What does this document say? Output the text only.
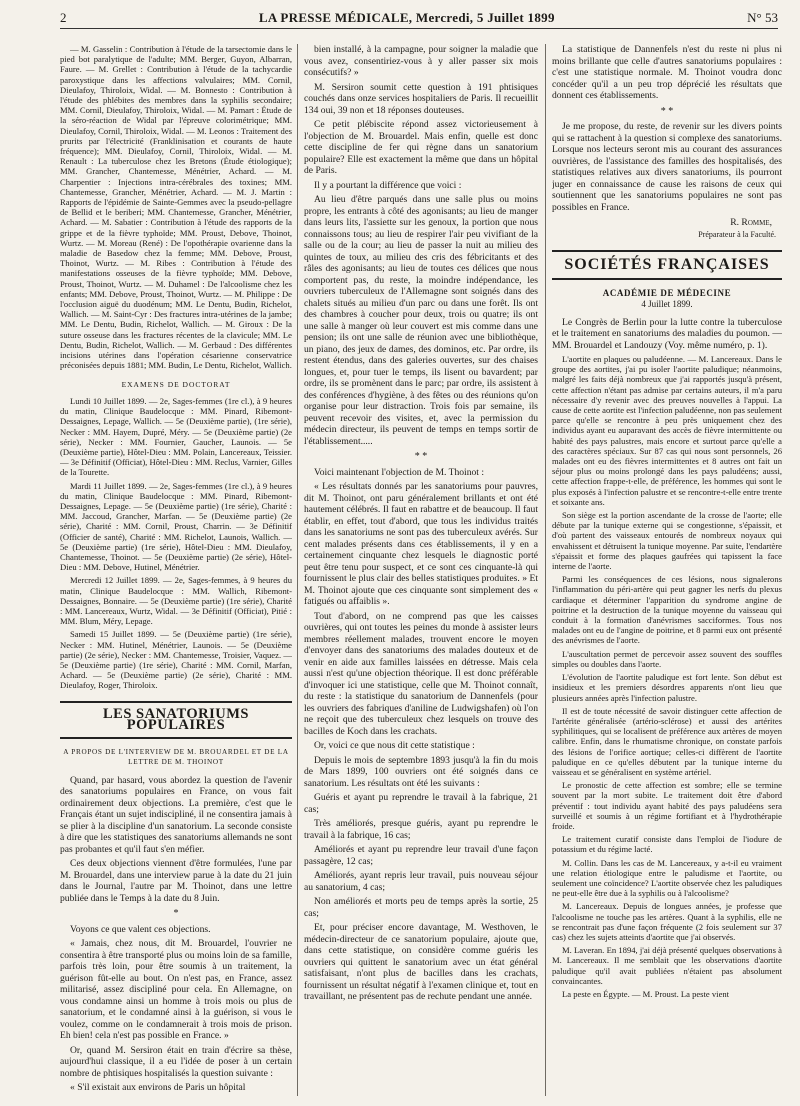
2	LA PRESSE MÉDICALE, Mercredi, 5 Juillet 1899	N° 53

— M. Gasselin : Contribution à l'étude de la tarsectomie dans le pied bot paralytique de l'adulte; MM. Berger, Guyon, Albarran, Faure. — M. Grellet : Contribution à l'étude de la tachycardie paroxystique dans les affections valvulaires; MM. Cornil, Dieulafoy, Thiroloix, Widal. — M. Bonnesto : Contribution à l'étude des phlébites des membres dans la syphilis secondaire; MM. Cornil, Dieulafoy, Thiroloix, Widal. — M. Pamart : Étude de la séro-réaction de Widal par l'épreuve colorimétrique; MM. Dieulafoy, Cornil, Thiroloix, Widal. — M. Leonos : Traitement des prurits par l'électricité (Franklinisation et courants de haute fréquence); MM. Dieulafoy, Cornil, Thiroloix, Widal. — M. Renault : La tuberculose chez les Bretons (Étude étiologique); MM. Grancher, Chantemesse, Ménétrier, Achard. — M. Charpentier : Injections intra-cérébrales des toxines; MM. Chantemesse, Grancher, Ménétrier, Achard. — M. J. Martin : Rapports de l'épidémie de Sainte-Gemmes avec la pseudo-pellagre de Bellid et le beriberi; MM. Chantemesse, Grancher, Ménétrier, Achard. — M. Sabatier : Contribution à l'étude des rapports de la grippe et de la fièvre typhoïde; MM. Proust, Debove, Thoinot, Wurtz. — M. Moreau (René) : De l'opothérapie ovarienne dans la maladie de Basedow chez la femme; MM. Debove, Proust, Thoinot, Wurtz. — M. Ribes : Contribution à l'étude des manifestations osseuses de la fièvre typhoïde; MM. Debove, Proust, Thoinot, Wurtz. — M. Duhamel : De l'alcoolisme chez les enfants; MM. Debove, Proust, Thoinot, Wurtz. — M. Philippe : De l'occlusion aiguë du duodénum; MM. Le Dentu, Budin, Richelot, Wallich. — M. Saint-Cyr : Des fractures intra-utérines de la jambe; MM. Le Dentu, Budin, Richelot, Wallich. — M. Giroux : De la suture osseuse dans les fractures récentes de la clavicule; MM. Le Dentu, Budin, Richelot, Wallich. — M. Gerbaud : Des différentes incisions utérines dans l'opération césarienne conservatrice préconisées depuis 1881; MM. Budin, Le Dentu, Richelot, Wallich.

EXAMENS DE DOCTORAT

Lundi 10 Juillet 1899. — 2e, Sages-femmes (1re cl.), à 9 heures du matin, Clinique Baudelocque : MM. Pinard, Ribemont-Dessaignes, Lepage, Wallich. — 5e (Deuxième partie), (1re série), Necker : MM. Hayem, Dupré, Méry. — 5e (Deuxième partie) (2e série), Necker : MM. Fournier, Gaucher, Launois. — 5e (Deuxième partie), Hôtel-Dieu : MM. Polain, Lancereaux, Teissier. — 3e Définitif (Officiat), Hôtel-Dieu : MM. Reclus, Varnier, Gilles de la Tourette.

Mardi 11 Juillet 1899. — 2e, Sages-femmes (1re cl.), à 9 heures du matin, Clinique Baudelocque : MM. Pinard, Ribemont-Dessaignes, Lepage. — 5e (Deuxième partie) (1re série), Charité : MM. Jaccoud, Grancher, Marfan. — 5e (Deuxième partie) (2e série), Charité : MM. Cornil, Proust, Charrin. — 3e Définitif (Officier de santé), Charité : MM. Richelot, Launois, Wallich. — 5e (Deuxième partie) (1re série), Hôtel-Dieu : MM. Dieulafoy, Chantemesse, Thoinot. — 5e (Deuxième partie) (2e série), Hôtel-Dieu : MM. Debove, Hutinel, Ménétrier.

Mercredi 12 Juillet 1899. — 2e, Sages-femmes, à 9 heures du matin, Clinique Baudelocque : MM. Wallich, Ribemont-Dessaignes, Bonnaire. — 5e (Deuxième partie) (1re série), Charité : MM. Lancereaux, Wurtz, Widal. — 3e Définitif (Officiat), Pitié : MM. Blum, Méry, Lepage.

Samedi 15 Juillet 1899. — 5e (Deuxième partie) (1re série), Necker : MM. Hutinel, Ménétrier, Launois. — 5e (Deuxième partie) (2e série), Necker : MM. Chantemesse, Troisier, Vaquez. — 5e (Deuxième partie) (1re série), Charité : MM. Cornil, Marfan, Achard. — 5e (Deuxième partie) (2e série), Charité : MM. Dieulafoy, Roger, Thiroloix.

LES SANATORIUMS POPULAIRES
A PROPOS DE L'INTERVIEW DE M. BROUARDEL ET DE LA LETTRE DE M. THOINOT

Quand, par hasard, vous abordez la question de l'avenir des sanatoriums populaires en France, on vous fait ordinairement deux objections. La première, c'est que le Français étant un sujet indiscipliné, il ne consentira jamais à se plier à la discipline d'un sanatorium. La seconde consiste à dire que les statistiques des sanatoriums allemands ne sont pas probantes et qu'il faut s'en méfier.

Ces deux objections viennent d'être formulées, l'une par M. Brouardel, dans une interview parue à la date du 21 juin dans le Journal, l'autre par M. Thoinot, dans une lettre publiée dans le Temps à la date du 8 Juin.

*

Voyons ce que valent ces objections.

« Jamais, chez nous, dit M. Brouardel, l'ouvrier ne consentira à être transporté plus ou moins loin de sa famille, parfois très loin, pour être soumis à un traitement, la guérison fût-elle au bout. On n'est pas, en France, assez militarisé, assez discipliné pour cela. En Allemagne, on vous condamne ainsi un homme à trois mois ou plus de sanatorium, et le condamné ainsi à la guérison, si vous le voulez, comme on le condamnerait à trois mois de prison. Eh bien! cela n'est pas possible en France. »

Or, quand M. Sersiron était en train d'écrire sa thèse, aujourd'hui classique, il a eu l'idée de poser à un certain nombre de phtisiques hospitalisés la question suivante :

« S'il existait aux environs de Paris un hôpital

bien installé, à la campagne, pour soigner la maladie que vous avez, consentiriez-vous à y aller passer six mois consécutifs? »

M. Sersiron soumit cette question à 191 phtisiques couchés dans onze services hospitaliers de Paris. Il recueillit 134 oui, 39 non et 18 réponses douteuses.

Ce petit plébiscite répond assez victorieusement à l'objection de M. Brouardel. Mais enfin, quelle est donc cette discipline de fer qui règne dans un sanatorium populaire? Elle est exactement la même que dans un hôpital de Paris.

Il y a pourtant la différence que voici :

Au lieu d'être parqués dans une salle plus ou moins propre, les entrants à côté des agonisants; au lieu de manger dans leurs lits, l'assiette sur les genoux, la portion que nous connaissons tous; au lieu de respirer l'air peu vivifiant de la salle ou de la cour; au lieu de passer la nuit au milieu des quintes de toux, au milieu des cris des fébricitants et des râles des agonisants; au lieu de toutes ces délices que nous comportent pas, du reste, la moindre indépendance, les ouvriers tuberculeux de l'Allemagne sont soignés dans des chalets situés au milieu d'un parc ou dans une forêt. Ils ont des chambres à coucher pour deux, trois ou quatre; ils ont une salle à manger où leur couvert est mis comme dans une pension; ils ont une salle de réunion avec une bibliothèque, un piano, des jeux de dames, des dominos, etc. Par ordre, ils restent étendus, dans des galeries ouvertes, sur des chaises longues, et, pour tuer le temps, ils lisent ou bavardent; par ordre, ils se promènent dans le parc; par ordre, ils assistent à des conférences d'hygiène, à des fêtes ou des réunions qu'on organise pour leur distraction. Trois fois par semaine, ils peuvent recevoir des visites, et, avec la permission du médecin directeur, ils peuvent de temps en temps sortir de l'établissement.....

* *

Voici maintenant l'objection de M. Thoinot :

« Les résultats donnés par les sanatoriums pour pauvres, dit M. Thoinot, ont paru généralement brillants et ont été hautement célébrés. Il faut en rabattre et de beaucoup. Il faut établir, en effet, tout d'abord, que tous les individus traités dans les sanatoriums ne sont pas des tuberculeux avérés. Sur cent malades présents dans ces établissements, il y en a certainement cinquante chez lesquels le diagnostic porté peut être tenu pour suspect, et ce sont ces cinquante-là qui fournissent le plus clair des belles statistiques produites. » Et M. Thoinot ajoute que ces cinquante sont simplement des « fatigués ou affaiblis ».

Tout d'abord, on ne comprend pas que les caisses ouvrières, qui ont toutes les peines du monde à assister leurs membres réellement malades, trouvent encore le moyen d'envoyer dans des sanatoriums des malades douteux et de venir en aide aux familles laissées en détresse. Mais cela aussi n'est qu'une objection théorique. Il est donc préférable d'invoquer ici une statistique, celle que M. Thoinot connaît, du reste : la statistique du sanatorium de Dannenfels (pour les ouvriers des fabriques d'aniline de Ludwigshafen) où l'on ne reçoit que des tuberculeux chez lesquels on trouve des bacilles de Koch dans les crachats.

Or, voici ce que nous dit cette statistique :

Depuis le mois de septembre 1893 jusqu'à la fin du mois de Mars 1899, 100 ouvriers ont été soignés dans ce sanatorium. Les résultats ont été les suivants :

Guéris et ayant pu reprendre le travail à la fabrique, 21 cas;

Très améliorés, presque guéris, ayant pu reprendre le travail à la fabrique, 16 cas;

Améliorés et ayant pu reprendre leur travail d'une façon passagère, 12 cas;

Améliorés, ayant repris leur travail, puis nouveau séjour au sanatorium, 4 cas;

Non améliorés et morts peu de temps après la sortie, 25 cas;

Et, pour préciser encore davantage, M. Westhoven, le médecin-directeur de ce sanatorium populaire, ajoute que, dans cette statistique, on considère comme guéris les ouvriers qui quittent le sanatorium avec un état général satisfaisant, n'ont plus de bacilles dans les crachats, fournissent un résultat négatif à l'examen clinique et, tout en travaillant, ne présentent pas de rechute pendant une année.

La statistique de Dannenfels n'est du reste ni plus ni moins brillante que celle d'autres sanatoriums populaires : c'est une statistique normale. M. Thoinot voudra donc concéder qu'il a un peu trop déprécié les résultats que donnent ces établissements.

* *

Je me propose, du reste, de revenir sur les divers points qui se rattachent à la question si complexe des sanatoriums. Lorsque nos lecteurs seront mis au courant des assurances ouvrières, de l'assistance des familles des hospitalisés, des statistiques relatives aux divers sanatoriums, ils pourront juger en connaissance de cause les raisons de ceux qui soutiennent que les sanatoriums populaires ne sont pas possibles en France.

R. Romme,
Préparateur à la Faculté.
SOCIÉTÉS FRANÇAISES
ACADÉMIE DE MÉDECINE
4 Juillet 1899.

Le Congrès de Berlin pour la lutte contre la tuberculose et le traitement en sanatoriums des maladies du poumon. — MM. Brouardel et Landouzy (Voy. même numéro, p. 1).

L'aortite en plaques ou paludéenne. — M. Lancereaux. Dans le groupe des aortites, j'ai pu isoler l'aortite paludique; néanmoins, malgré les faits déjà nombreux que j'ai rapportés jusqu'à présent, cette affection n'étant pas admise par certains auteurs, il m'a paru nécessaire d'y revenir avec des preuves nouvelles à l'appui. La cause de cette aortite est l'infection paludéenne, non pas seulement parce qu'elle se rencontre à peu près uniquement chez des individus ayant eu auparavant des accès de fièvre intermittente ou habité des pays palustres, mais encore et surtout parce qu'elle a des caractères spéciaux. Sur 87 cas qui nous sont personnels, 26 malades ont eu des fièvres intermittentes et 8 autres ont fait un séjour plus ou moins prolongé dans les pays paludéens; aussi, cette affection frappe-t-elle, de préférence, les hommes qui sont le plus exposés à l'infection palustre et se rencontre-t-elle entre trente et soixante ans.

Son siège est la portion ascendante de la crosse de l'aorte; elle débute par la tunique externe qui se congestionne, s'épaissit, et d'où partent des vaisseaux entourés de nombreux noyaux qui envahissent et détruisent la tunique moyenne. Par suite, l'endartère s'épaissit et forme des plaques gaufrées qui tapissent la face interne de l'aorte.

Parmi les conséquences de ces lésions, nous signalerons l'inflammation du péri-artère qui peut gagner les nerfs du plexus cardiaque et déterminer l'apparition du syndrome angine de poitrine et la destruction de la tunique moyenne du vaisseau qui conduit à la formation d'anévrismes sacciformes. Tous nos malades ont eu de l'angine de poitrine, et 8 parmi eux ont présenté des anévrismes de l'aorte.

L'auscultation permet de percevoir assez souvent des souffles simples ou doubles dans l'aorte.

L'évolution de l'aortite paludique est fort lente. Son début est insidieux et les premiers désordres apparents n'ont lieu que plusieurs années après l'infection palustre.

Il est de toute nécessité de savoir distinguer cette affection de l'artérite généralisée (artério-sclérose) et aussi des artérites syphilitiques, qui se localisent de préférence aux artères de moyen calibre. Enfin, dans le rhumatisme chronique, on constate parfois des lésions de l'orifice aortique; celles-ci diffèrent de l'aortite paludique en ce qu'elles débutent par la tunique interne du vaisseau et se généralisent en système artériel.

Le pronostic de cette affection est sombre; elle se termine souvent par la mort subite. Le traitement doit être d'abord préventif : tout individu ayant habité des pays paludéens sera surveillé et soumis à un régime fortifiant et à l'hydrothérapie froide.

Le traitement curatif consiste dans l'emploi de l'iodure de potassium et du régime lacté.

M. Collin. Dans les cas de M. Lancereaux, y a-t-il eu vraiment une relation étiologique entre le paludisme et l'aortite, ou seulement une coïncidence? L'aortite observée chez les paludiques ne peut-elle être due à la syphilis ou à l'alcoolisme?

M. Lancereaux. Depuis de longues années, je professe que l'alcoolisme ne touche pas les artères. Quant à la syphilis, elle ne se rencontrait pas d'une façon fréquente (2 fois seulement sur 37 cas) chez les sujets atteints d'aortite que j'ai observés.

M. Laveran. En 1894, j'ai déjà présenté quelques observations à M. Lancereaux. Il me semblait que les observations d'aortite paludique qu'il avait publiées n'étaient pas absolument convaincantes.

La peste en Égypte. — M. Proust. La peste vient
